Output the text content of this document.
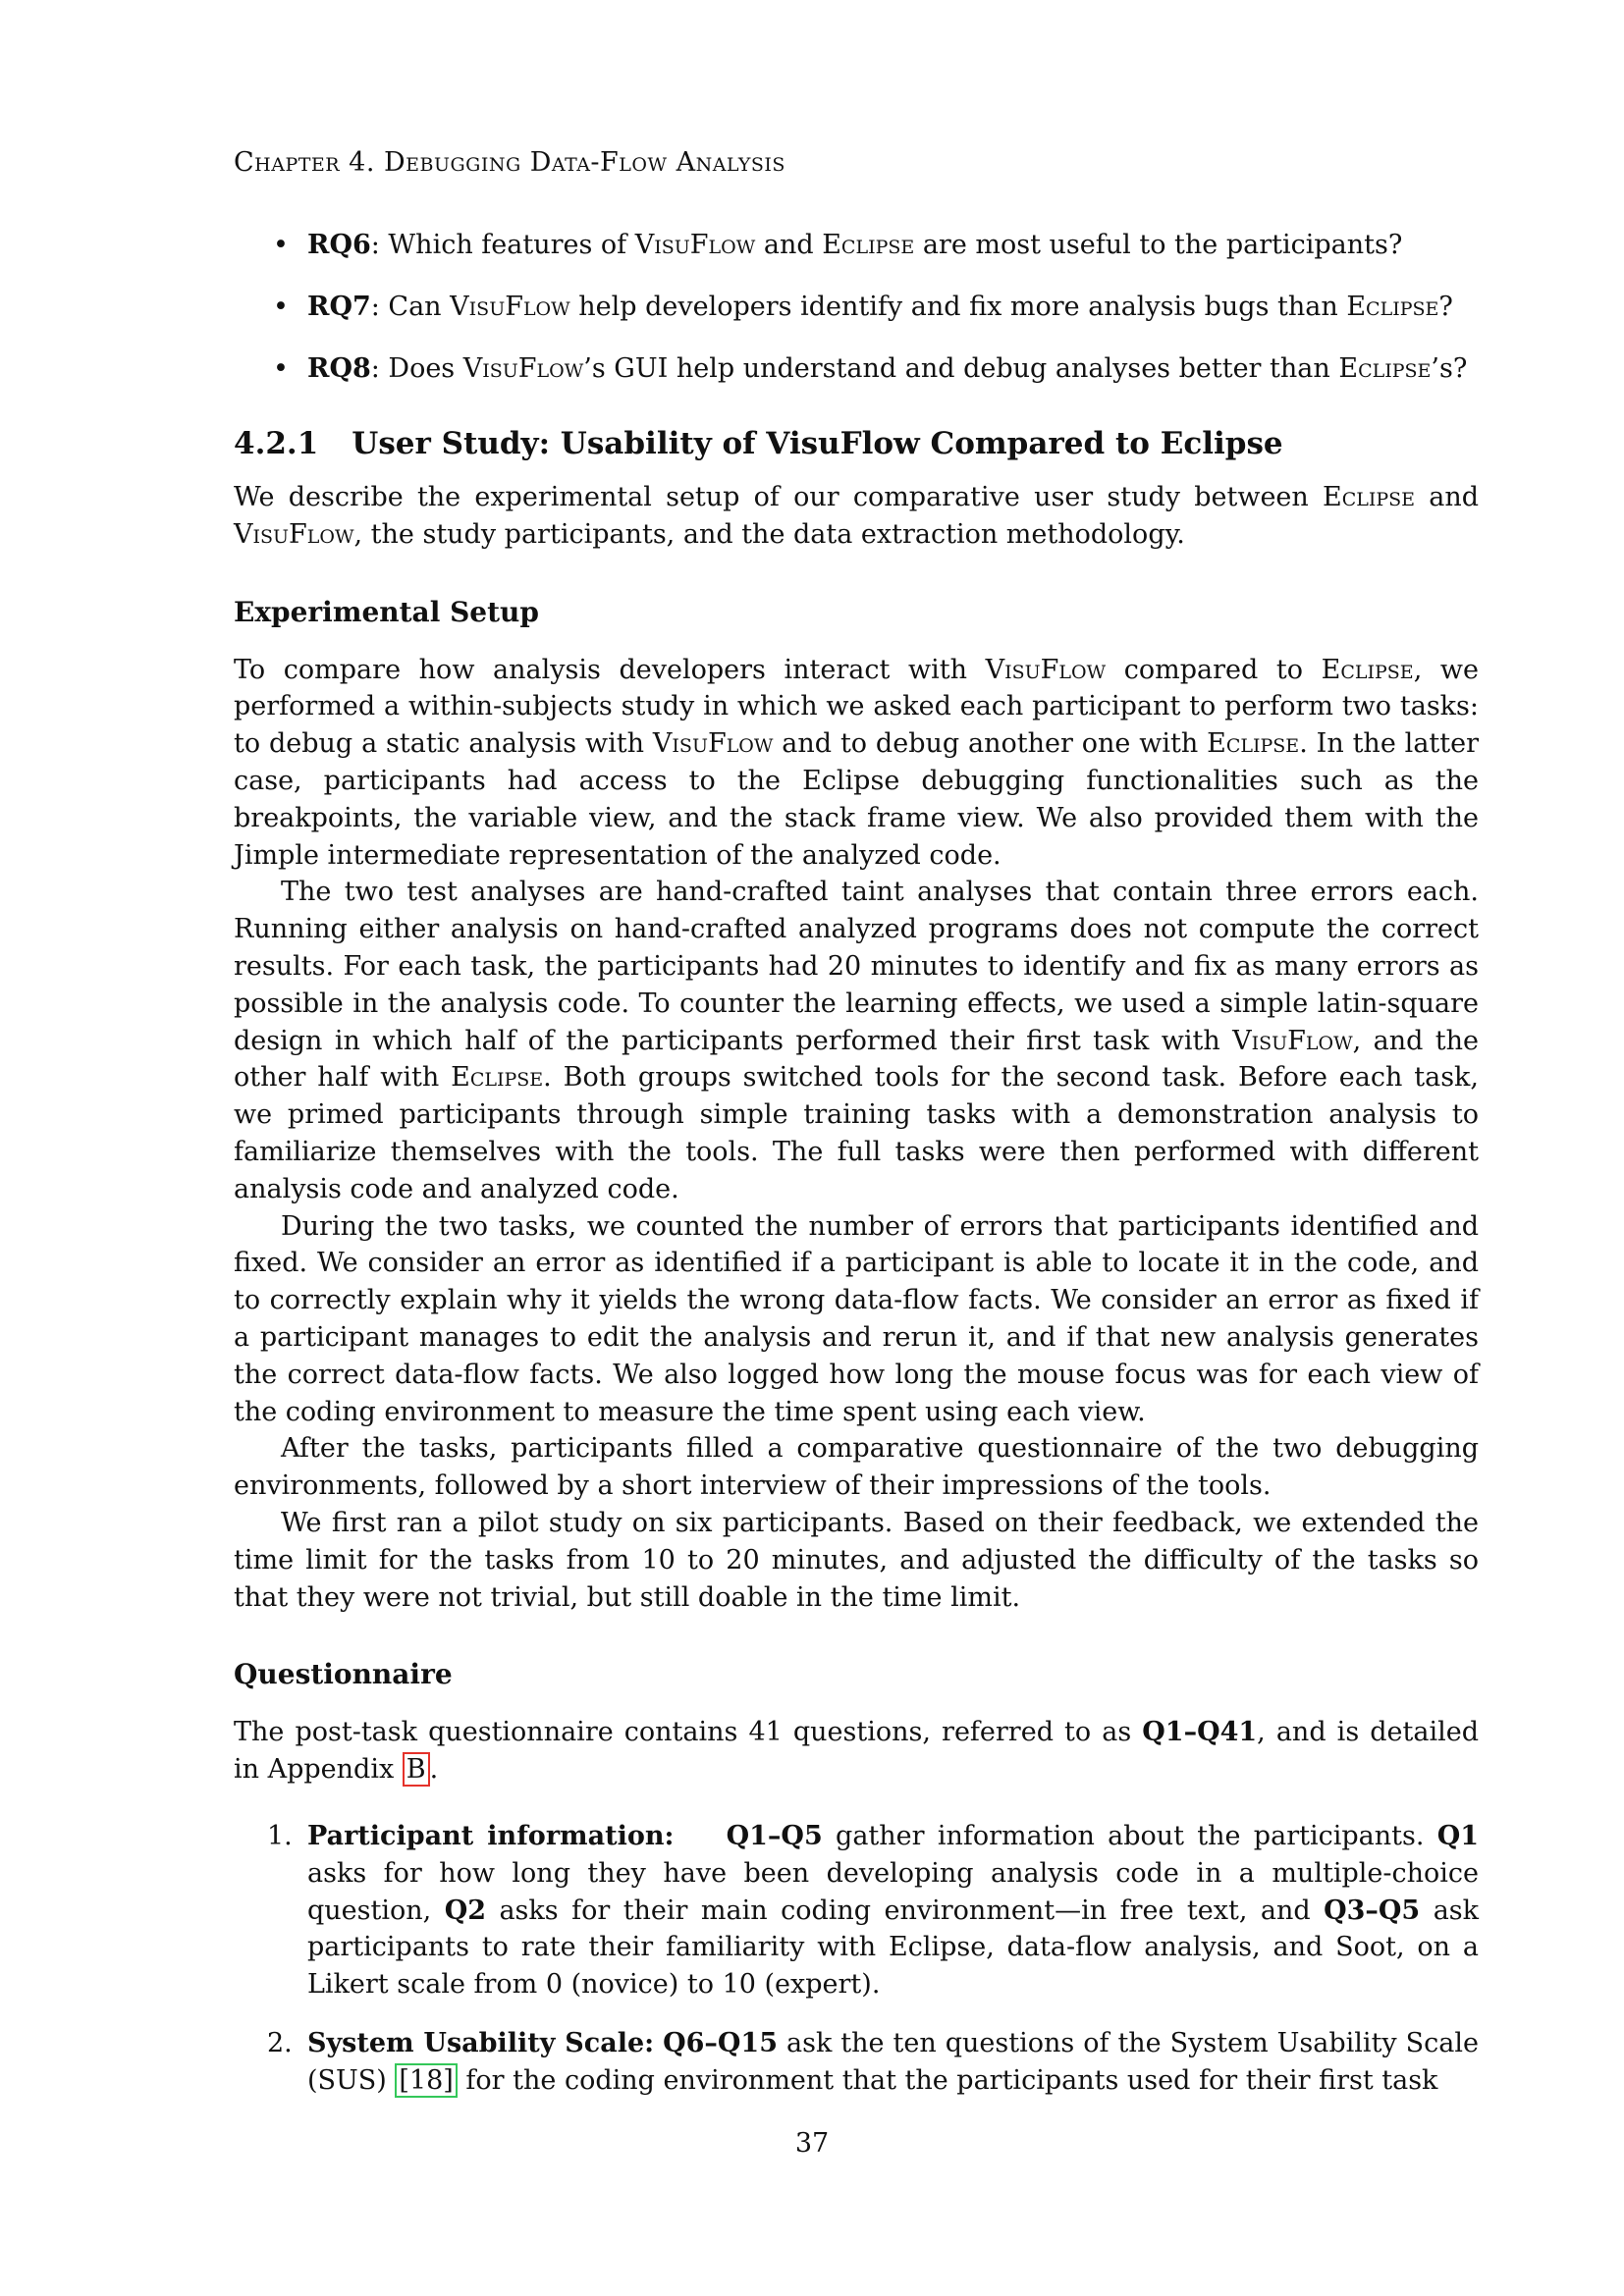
Chapter 4. Debugging Data-Flow Analysis
• RQ6: Which features of VisuFlow and Eclipse are most useful to the participants?
• RQ7: Can VisuFlow help developers identify and fix more analysis bugs than Eclipse?
• RQ8: Does VisuFlow’s GUI help understand and debug analyses better than Eclipse’s?
4.2.1 User Study: Usability of VisuFlow Compared to Eclipse

We describe the experimental setup of our comparative user study between Eclipse and VisuFlow, the study participants, and the data extraction methodology.

Experimental Setup

To compare how analysis developers interact with VisuFlow compared to Eclipse, we performed a within-subjects study in which we asked each participant to perform two tasks: to debug a static analysis with VisuFlow and to debug another one with Eclipse. In the latter case, participants had access to the Eclipse debugging functionalities such as the breakpoints, the variable view, and the stack frame view. We also provided them with the Jimple intermediate representation of the analyzed code.

The two test analyses are hand-crafted taint analyses that contain three errors each. Running either analysis on hand-crafted analyzed programs does not compute the correct results. For each task, the participants had 20 minutes to identify and fix as many errors as possible in the analysis code. To counter the learning effects, we used a simple latin-square design in which half of the participants performed their first task with VisuFlow, and the other half with Eclipse. Both groups switched tools for the second task. Before each task, we primed participants through simple training tasks with a demonstration analysis to familiarize themselves with the tools. The full tasks were then performed with different analysis code and analyzed code.

During the two tasks, we counted the number of errors that participants identified and fixed. We consider an error as identified if a participant is able to locate it in the code, and to correctly explain why it yields the wrong data-flow facts. We consider an error as fixed if a participant manages to edit the analysis and rerun it, and if that new analysis generates the correct data-flow facts. We also logged how long the mouse focus was for each view of the coding environment to measure the time spent using each view.

After the tasks, participants filled a comparative questionnaire of the two debugging environments, followed by a short interview of their impressions of the tools.

We first ran a pilot study on six participants. Based on their feedback, we extended the time limit for the tasks from 10 to 20 minutes, and adjusted the difficulty of the tasks so that they were not trivial, but still doable in the time limit.

Questionnaire

The post-task questionnaire contains 41 questions, referred to as Q1–Q41, and is detailed in Appendix B .

1. Participant information: Q1–Q5 gather information about the participants. Q1 asks for how long they have been developing analysis code in a multiple-choice question, Q2 asks for their main coding environment—in free text, and Q3–Q5 ask participants to rate their familiarity with Eclipse, data-flow analysis, and Soot, on a Likert scale from 0 (novice) to 10 (expert).
2. System Usability Scale: Q6–Q15 ask the ten questions of the System Usability Scale (SUS) [18] for the coding environment that the participants used for their first task
37
